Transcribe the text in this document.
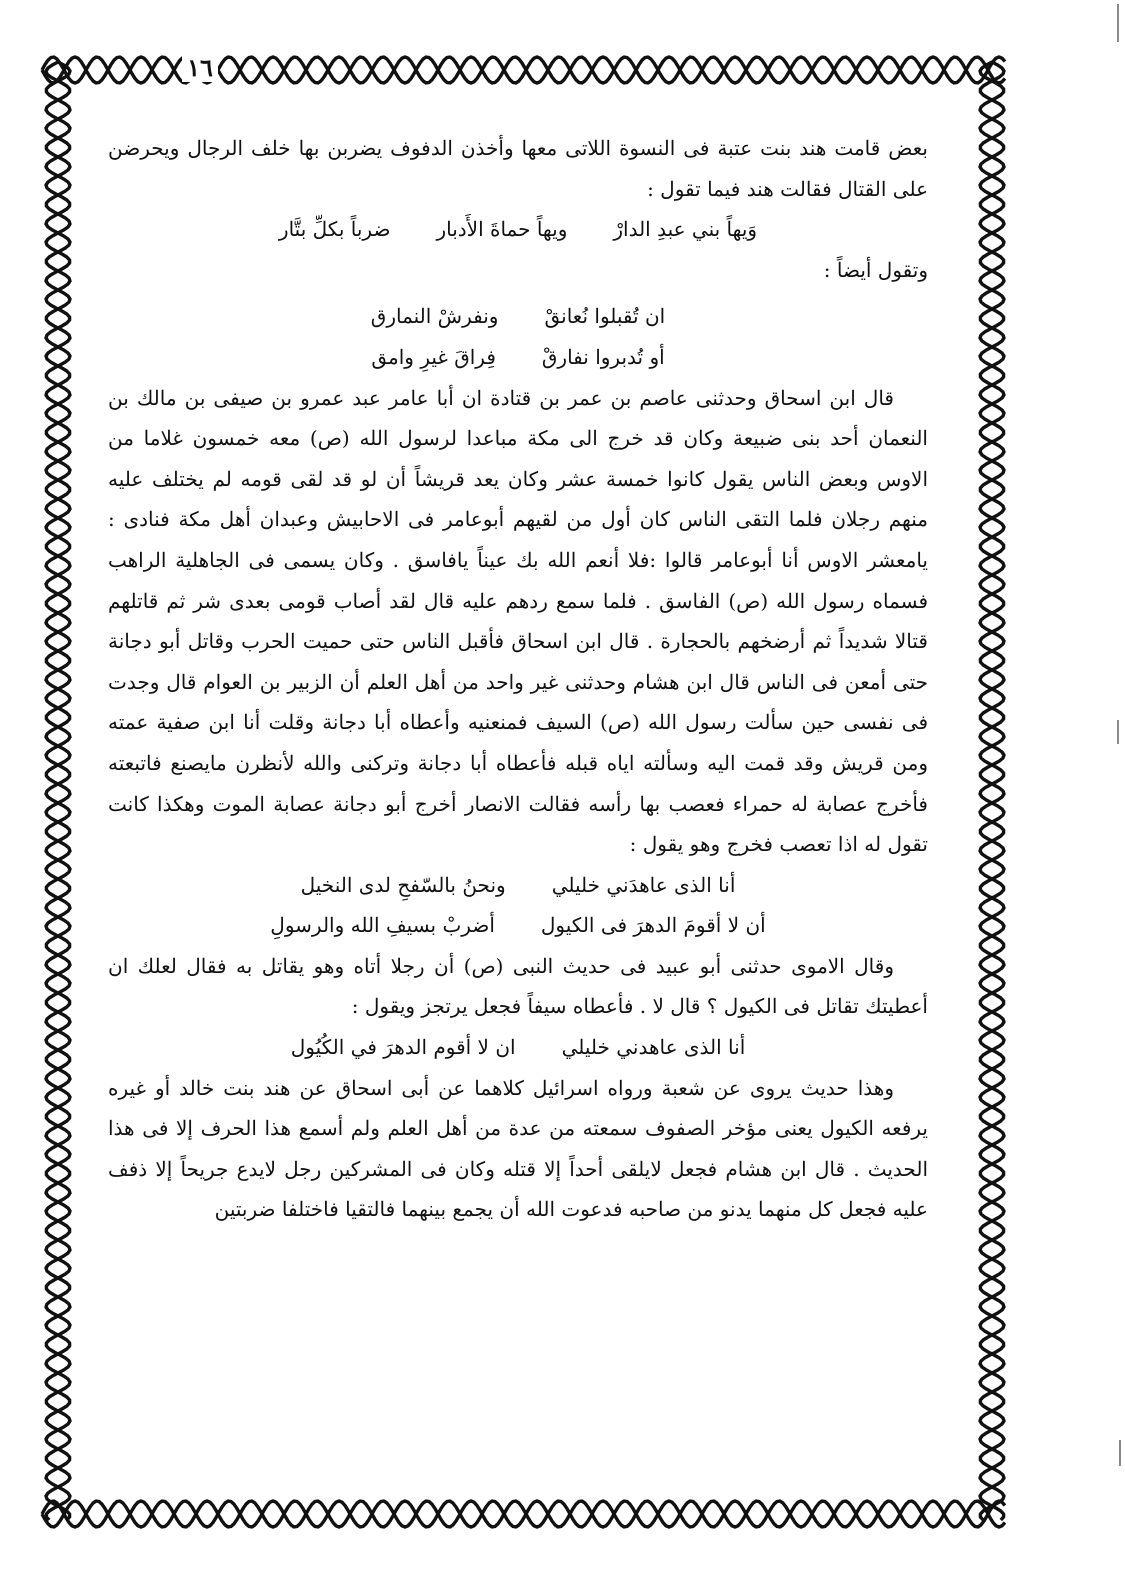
١٦

بعض قامت هند بنت عتبة فى النسوة اللاتى معها وأخذن الدفوف يضربن بها خلف الرجال ويحرضن على القتال فقالت هند فيما تقول :

وَيهاً بني عبدِ الدارْ
ويهاً حماةَ الأَدبار
ضرباً بكلِّ بتَّار

وتقول أيضاً :

ان تُقبلوا نُعانقْ
ونفرشْ النمارق
أو تُدبروا نفارقْ
فِراقَ غيرِ وامق

قال ابن اسحاق وحدثنى عاصم بن عمر بن قتادة ان أبا عامر عبد عمرو بن صيفى بن مالك بن النعمان أحد بنى ضبيعة وكان قد خرج الى مكة مباعدا لرسول الله (ص) معه خمسون غلاما من الاوس وبعض الناس يقول كانوا خمسة عشر وكان يعد قريشاً أن لو قد لقى قومه لم يختلف عليه منهم رجلان فلما التقى الناس كان أول من لقيهم أبوعامر فى الاحابيش وعبدان أهل مكة فنادى : يامعشر الاوس أنا أبوعامر قالوا :فلا أنعم الله بك عيناً يافاسق . وكان يسمى فى الجاهلية الراهب فسماه رسول الله (ص) الفاسق . فلما سمع ردهم عليه قال لقد أصاب قومى بعدى شر ثم قاتلهم قتالا شديداً ثم أرضخهم بالحجارة . قال ابن اسحاق فأقبل الناس حتى حميت الحرب وقاتل أبو دجانة حتى أمعن فى الناس قال ابن هشام وحدثنى غير واحد من أهل العلم أن الزبير بن العوام قال وجدت فى نفسى حين سألت رسول الله (ص) السيف فمنعنيه وأعطاه أبا دجانة وقلت أنا ابن صفية عمته ومن قريش وقد قمت اليه وسألته اياه قبله فأعطاه أبا دجانة وتركنى والله لأنظرن مايصنع فاتبعته فأخرج عصابة له حمراء فعصب بها رأسه فقالت الانصار أخرج أبو دجانة عصابة الموت وهكذا كانت تقول له اذا تعصب فخرج وهو يقول :

أنا الذى عاهدَني خليلي
ونحنُ بالسّفحِ لدى النخيل
أن لا أقومَ الدهرَ فى الكيول
أضربْ بسيفِ الله والرسولِ

وقال الاموى حدثنى أبو عبيد فى حديث النبى (ص) أن رجلا أتاه وهو يقاتل به فقال لعلك ان أعطيتك تقاتل فى الكيول ؟ قال لا . فأعطاه سيفاً فجعل يرتجز ويقول :

أنا الذى عاهدني خليلي
ان لا أقوم الدهرَ في الكُيُول

وهذا حديث يروى عن شعبة ورواه اسرائيل كلاهما عن أبى اسحاق عن هند بنت خالد أو غيره يرفعه الكيول يعنى مؤخر الصفوف سمعته من عدة من أهل العلم ولم أسمع هذا الحرف إلا فى هذا الحديث . قال ابن هشام فجعل لايلقى أحداً إلا قتله وكان فى المشركين رجل لايدع جريحاً إلا ذفف عليه فجعل كل منهما يدنو من صاحبه فدعوت الله أن يجمع بينهما فالتقيا فاختلفا ضربتين
